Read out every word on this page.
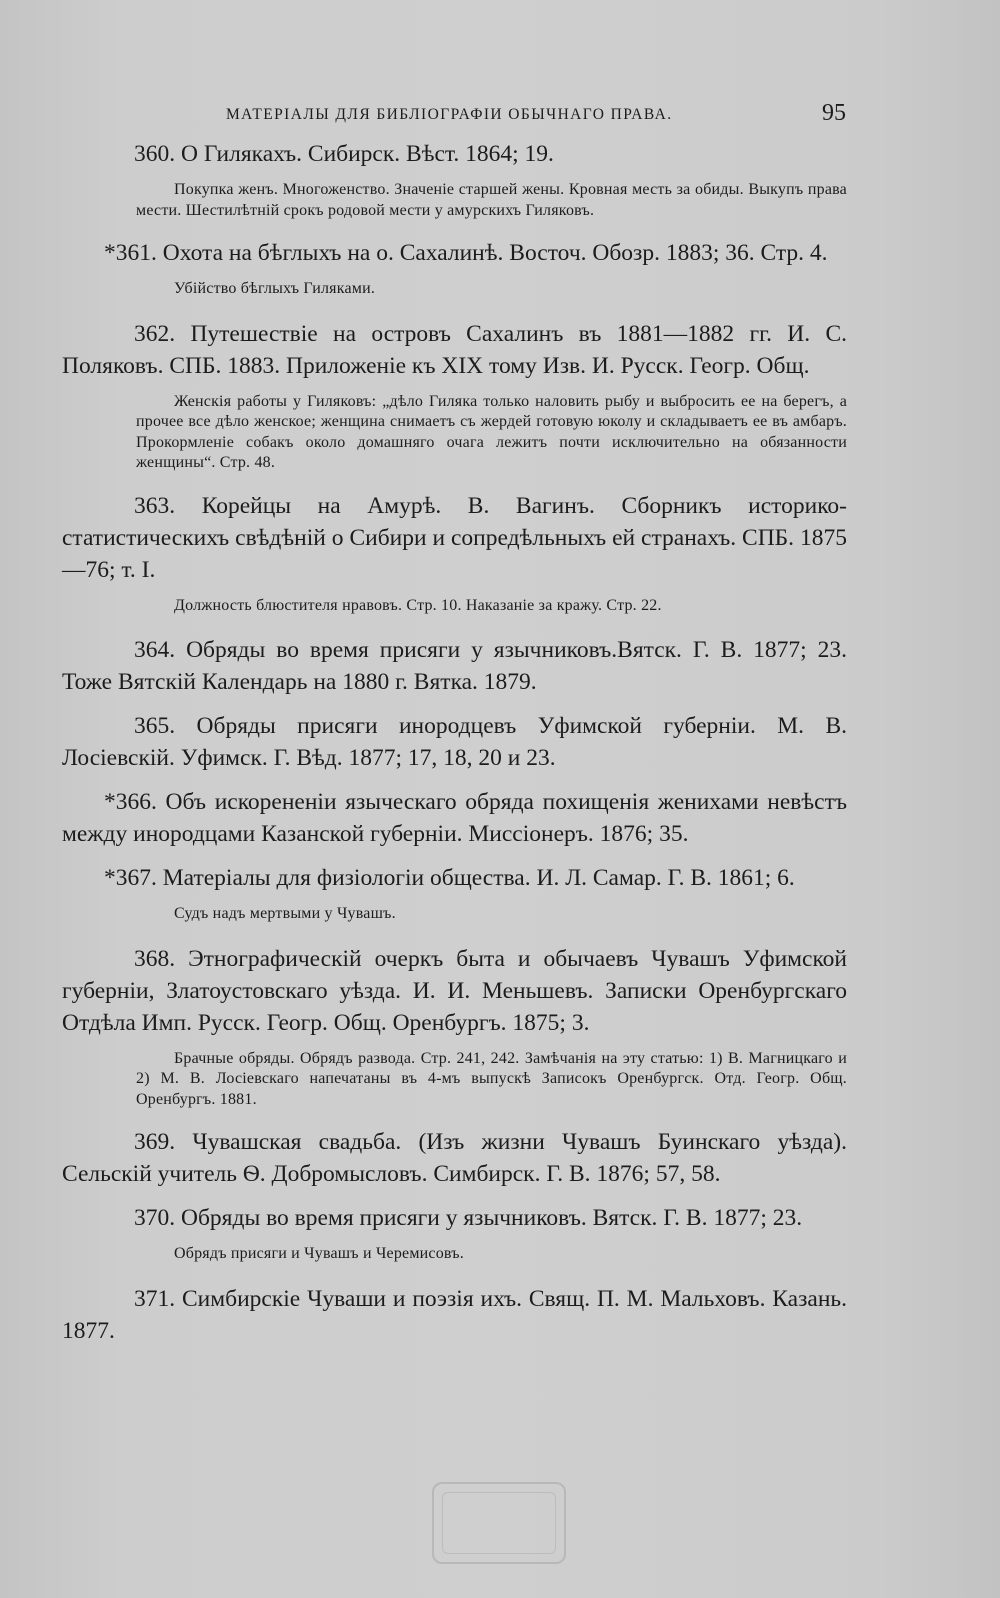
МАТЕРІАЛЫ ДЛЯ БИБЛІОГРАФІИ ОБЫЧНАГО ПРАВА.	95

360. О Гилякахъ. Сибирск. Вѣст. 1864; 19.

Покупка женъ. Многоженство. Значеніе старшей жены. Кровная месть за обиды. Выкупъ права мести. Шестилѣтній срокъ родовой мести у амурскихъ Гиляковъ.

*361. Охота на бѣглыхъ на о. Сахалинѣ. Восточ. Обозр. 1883; 36. Стр. 4.

Убійство бѣглыхъ Гиляками.

362. Путешествіе на островъ Сахалинъ въ 1881—1882 гг. И. С. Поляковъ. СПБ. 1883. Приложеніе къ XIX тому Изв. И. Русск. Геогр. Общ.

Женскія работы у Гиляковъ: „дѣло Гиляка только наловить рыбу и выбросить ее на берегъ, а прочее все дѣло женское; женщина снимаетъ съ жердей готовую юколу и складываетъ ее въ амбаръ. Прокормленіе собакъ около домашняго очага лежитъ почти исключительно на обязанности женщины“. Стр. 48.

363. Корейцы на Амурѣ. В. Вагинъ. Сборникъ историко-статистическихъ свѣдѣній о Сибири и сопредѣльныхъ ей странахъ. СПБ. 1875—76; т. I.

Должность блюстителя нравовъ. Стр. 10. Наказаніе за кражу. Стр. 22.

364. Обряды во время присяги у язычниковъ.Вятск. Г. В. 1877; 23. Тоже Вятскій Календарь на 1880 г. Вятка. 1879.

365. Обряды присяги инородцевъ Уфимской губерніи. М. В. Лосіевскій. Уфимск. Г. Вѣд. 1877; 17, 18, 20 и 23.

*366. Объ искорененіи языческаго обряда похищенія женихами невѣстъ между инородцами Казанской губерніи. Миссіонеръ. 1876; 35.

*367. Матеріалы для физіологіи общества. И. Л. Самар. Г. В. 1861; 6.

Судъ надъ мертвыми у Чувашъ.

368. Этнографическій очеркъ быта и обычаевъ Чувашъ Уфимской губерніи, Златоустовскаго уѣзда. И. И. Меньшевъ. Записки Оренбургскаго Отдѣла Имп. Русск. Геогр. Общ. Оренбургъ. 1875; 3.

Брачные обряды. Обрядъ развода. Стр. 241, 242. Замѣчанія на эту статью: 1) В. Магницкаго и 2) М. В. Лосіевскаго напечатаны въ 4-мъ выпускѣ Записокъ Оренбургск. Отд. Геогр. Общ. Оренбургъ. 1881.

369. Чувашская свадьба. (Изъ жизни Чувашъ Буинскаго уѣзда). Сельскій учитель Ѳ. Добромысловъ. Симбирск. Г. В. 1876; 57, 58.

370. Обряды во время присяги у язычниковъ. Вятск. Г. В. 1877; 23.

Обрядъ присяги и Чувашъ и Черемисовъ.

371. Симбирскіе Чуваши и поэзія ихъ. Свящ. П. М. Мальховъ. Казань. 1877.
